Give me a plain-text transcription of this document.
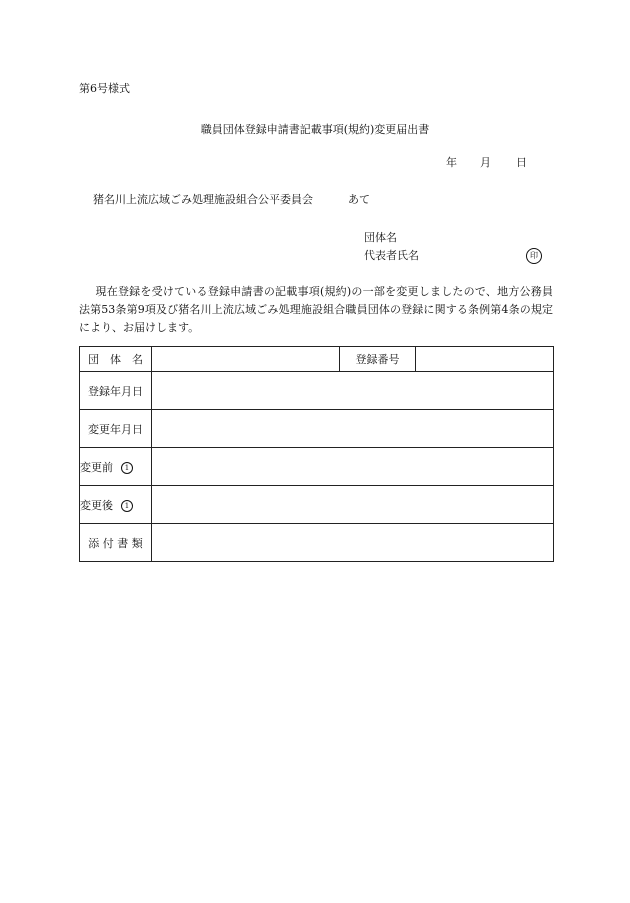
第6号様式
職員団体登録申請書記載事項(規約)変更届出書
年 月 日
猪名川上流広域ごみ処理施設組合公平委員会	あて
団体名
代表者氏名	印
現在登録を受けている登録申請書の記載事項(規約)の一部を変更しましたので、地方公務員法第53条第9項及び猪名川上流広域ごみ処理施設組合職員団体の登録に関する条例第4条の規定により、お届けします。
団　体　名		登録番号	
登録年月日			
変更年月日			
変更前 1			
変更後 1			
添 付 書 類			
